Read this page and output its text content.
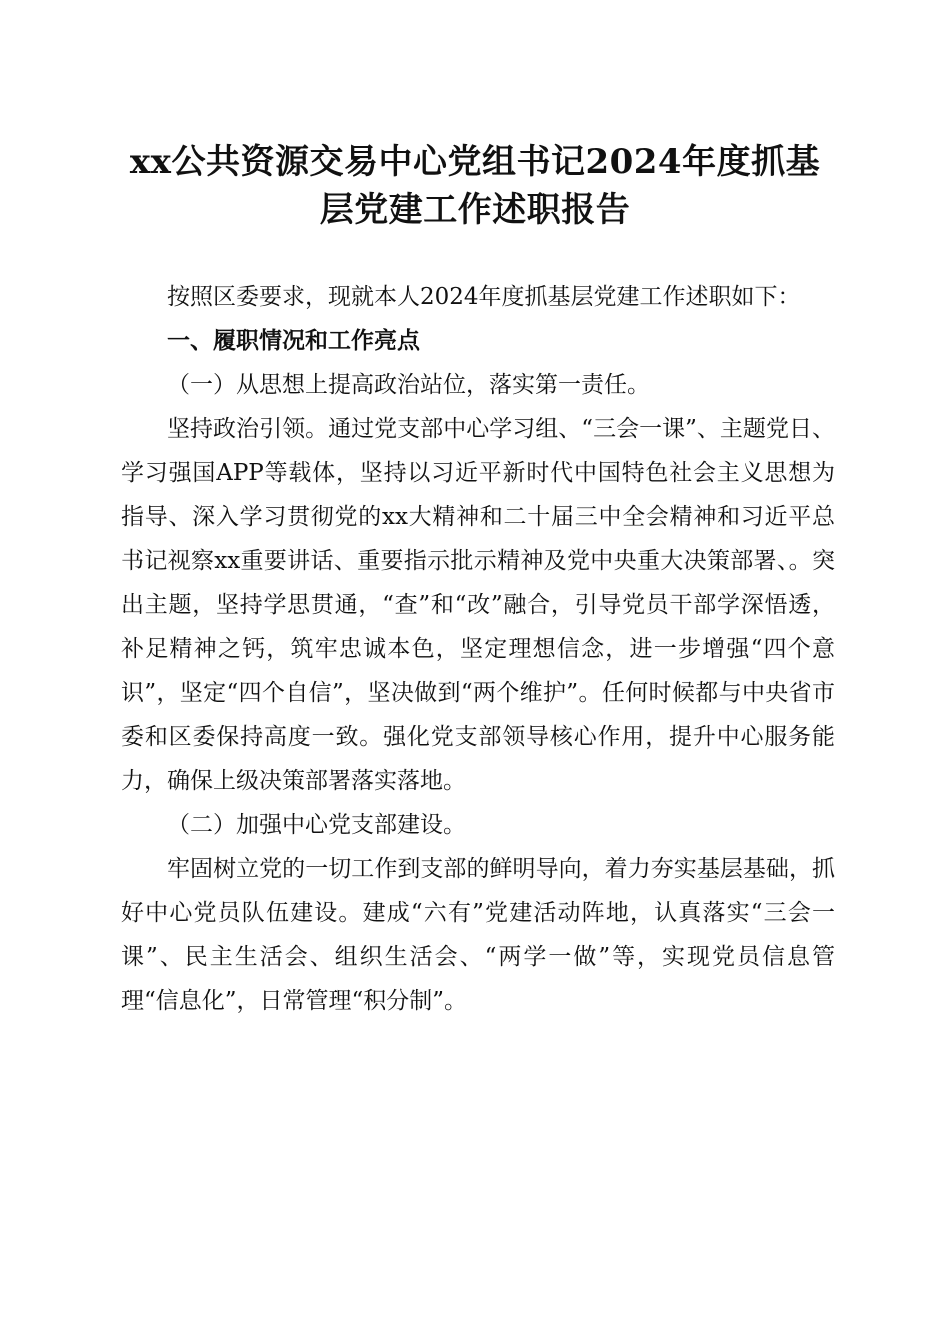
xx公共资源交易中心党组书记2024年度抓基
层党建工作述职报告

按照区委要求，现就本人2024年度抓基层党建工作述职如下：

一、履职情况和工作亮点

（一）从思想上提高政治站位，落实第一责任。

坚持政治引领。通过党支部中心学习组、“三会一课”、主题党日、学习强国APP等载体，坚持以习近平新时代中国特色社会主义思想为指导、深入学习贯彻党的xx大精神和二十届三中全会精神和习近平总书记视察xx重要讲话、重要指示批示精神及党中央重大决策部署、。突出主题，坚持学思贯通，“查”和“改”融合，引导党员干部学深悟透，补足精神之钙，筑牢忠诚本色，坚定理想信念，进一步增强“四个意识”，坚定“四个自信”，坚决做到“两个维护”。任何时候都与中央省市委和区委保持高度一致。强化党支部领导核心作用，提升中心服务能力，确保上级决策部署落实落地。

（二）加强中心党支部建设。

牢固树立党的一切工作到支部的鲜明导向，着力夯实基层基础，抓好中心党员队伍建设。建成“六有”党建活动阵地，认真落实“三会一课”、民主生活会、组织生活会、“两学一做”等，实现党员信息管理“信息化”，日常管理“积分制”。
